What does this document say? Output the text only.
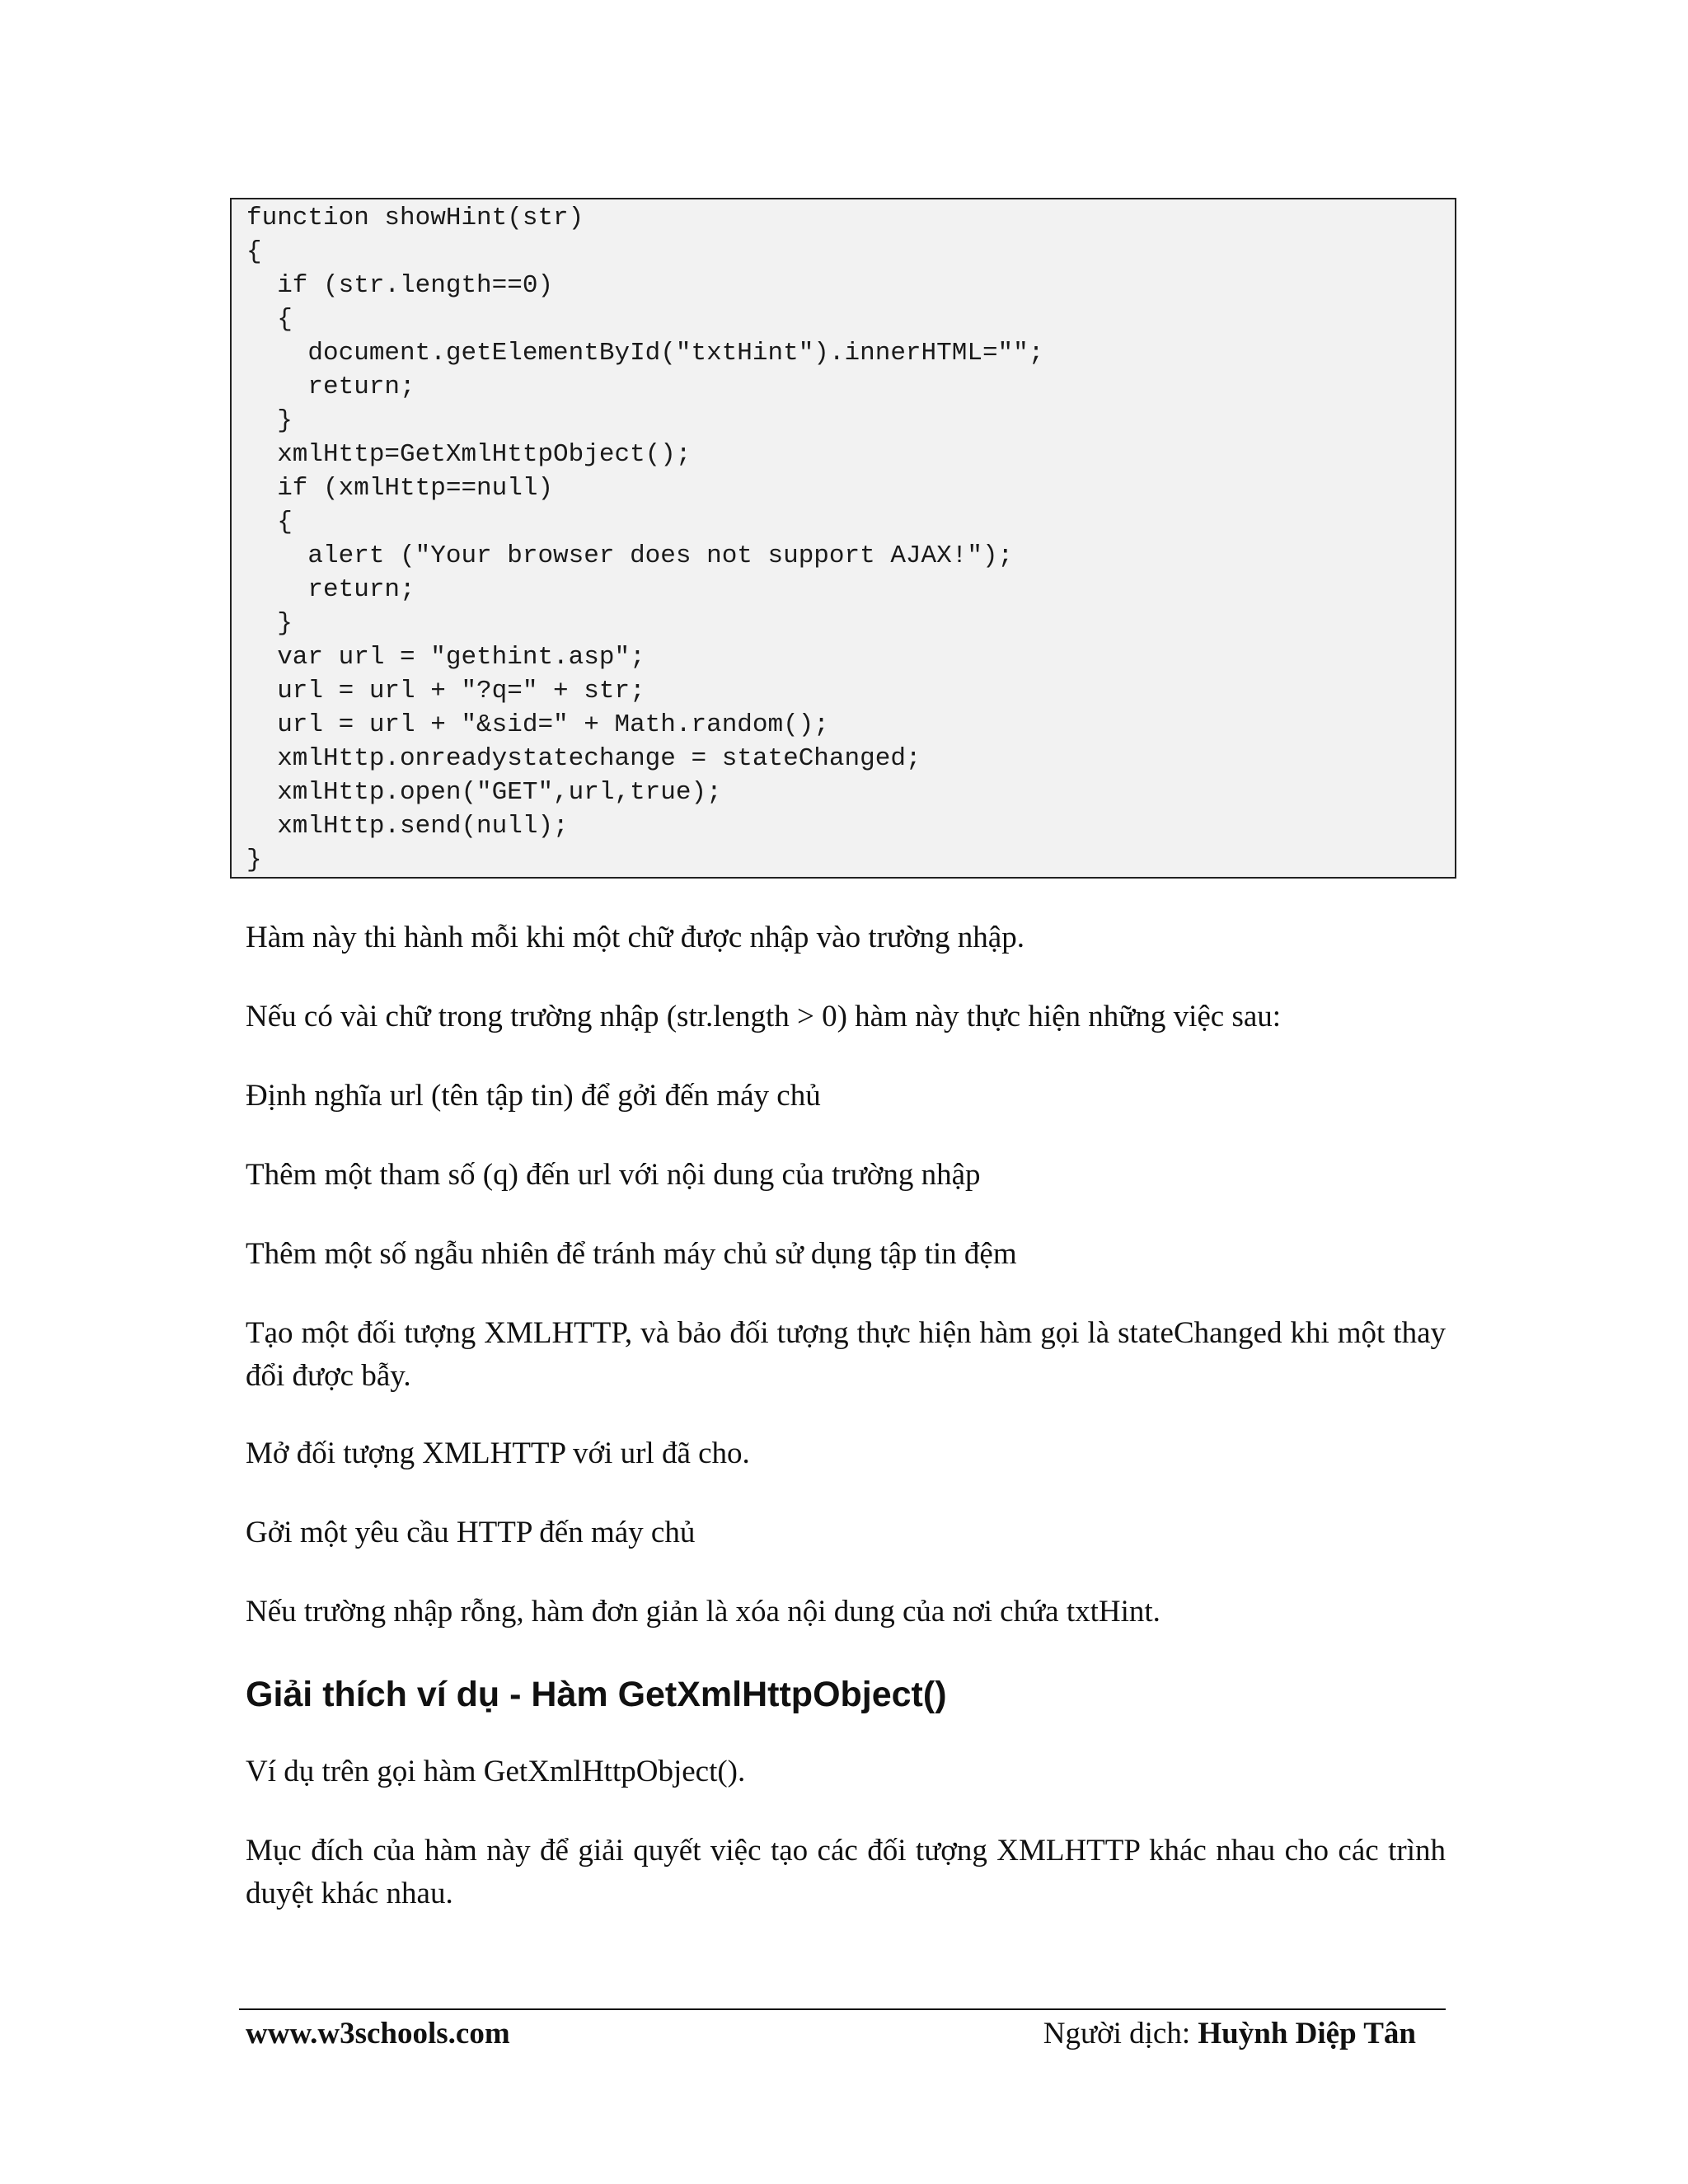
function showHint(str)
{
if (str.length==0)
{
document.getElementById("txtHint").innerHTML="";
return;
}
xmlHttp=GetXmlHttpObject();
if (xmlHttp==null)
{
alert ("Your browser does not support AJAX!");
return;
}
var url = "gethint.asp";
url = url + "?q=" + str;
url = url + "&sid=" + Math.random();
xmlHttp.onreadystatechange = stateChanged;
xmlHttp.open("GET",url,true);
xmlHttp.send(null);
}

Hàm này thi hành mỗi khi một chữ được nhập vào trường nhập.

Nếu có vài chữ trong trường nhập (str.length > 0) hàm này thực hiện những việc sau:

Định nghĩa url (tên tập tin) để gởi đến máy chủ

Thêm một tham số (q) đến url với nội dung của trường nhập

Thêm một số ngẫu nhiên để tránh máy chủ sử dụng tập tin đệm

Tạo một đối tượng XMLHTTP, và bảo đối tượng thực hiện hàm gọi là stateChanged khi một thay đổi được bẫy.

Mở đối tượng XMLHTTP với url đã cho.

Gởi một yêu cầu HTTP đến máy chủ

Nếu trường nhập rỗng, hàm đơn giản là xóa nội dung của nơi chứa txtHint.

Giải thích ví dụ - Hàm GetXmlHttpObject()

Ví dụ trên gọi hàm GetXmlHttpObject().

Mục đích của hàm này để giải quyết việc tạo các đối tượng XMLHTTP khác nhau cho các trình duyệt khác nhau.

www.w3schools.com	Người dịch: Huỳnh Diệp Tân
